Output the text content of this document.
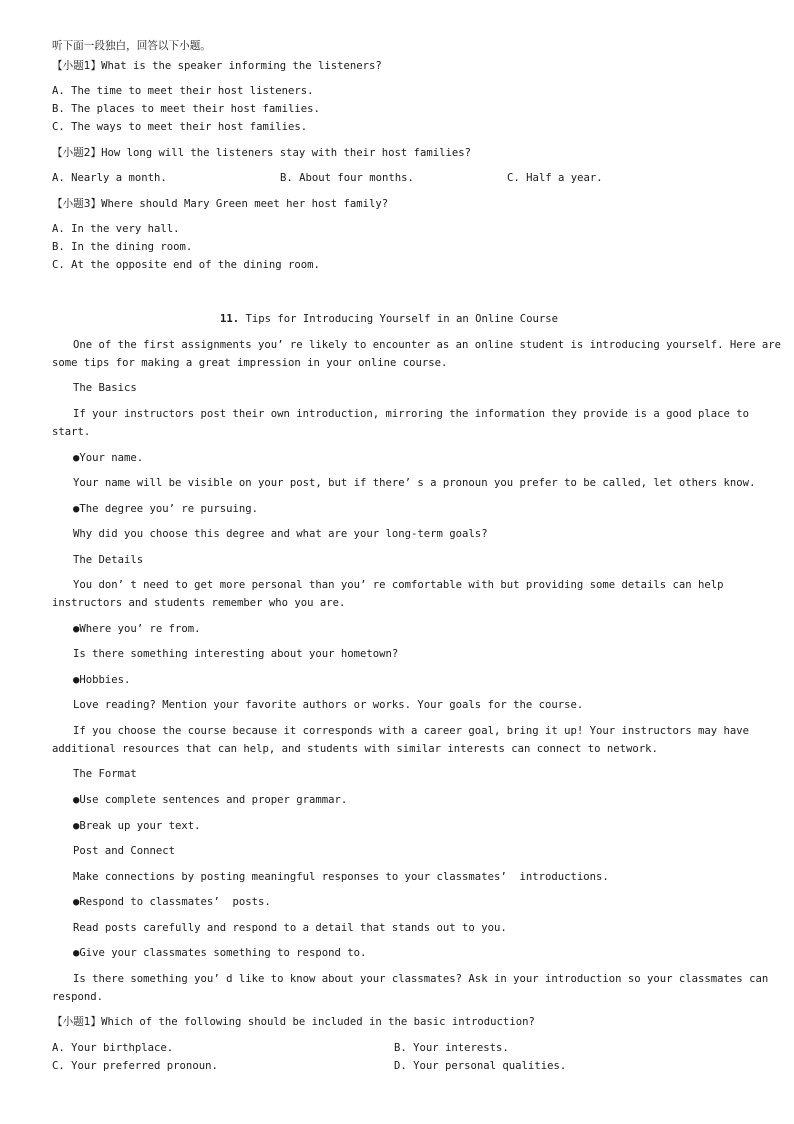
听下面一段独白，回答以下小题。
【小题1】What is the speaker informing the listeners?
A. The time to meet their host listeners.
B. The places to meet their host families.
C. The ways to meet their host families.
【小题2】How long will the listeners stay with their host families?
A. Nearly a month.	B. About four months.	C. Half a year.
【小题3】Where should Mary Green meet her host family?
A. In the very hall.
B. In the dining room.
C. At the opposite end of the dining room.
11. Tips for Introducing Yourself in an Online Course
One of the first assignments you’ re likely to encounter as an online student is introducing yourself. Here are
some tips for making a great impression in your online course.
The Basics
If your instructors post their own introduction, mirroring the information they provide is a good place to
start.
●Your name.
Your name will be visible on your post, but if there’ s a pronoun you prefer to be called, let others know.
●The degree you’ re pursuing.
Why did you choose this degree and what are your long-term goals?
The Details
You don’ t need to get more personal than you’ re comfortable with but providing some details can help
instructors and students remember who you are.
●Where you’ re from.
Is there something interesting about your hometown?
●Hobbies.
Love reading? Mention your favorite authors or works. Your goals for the course.
If you choose the course because it corresponds with a career goal, bring it up! Your instructors may have
additional resources that can help, and students with similar interests can connect to network.
The Format
●Use complete sentences and proper grammar.
●Break up your text.
Post and Connect
Make connections by posting meaningful responses to your classmates’  introductions.
●Respond to classmates’  posts.
Read posts carefully and respond to a detail that stands out to you.
●Give your classmates something to respond to.
Is there something you’ d like to know about your classmates? Ask in your introduction so your classmates can
respond.
【小题1】Which of the following should be included in the basic introduction?
A. Your birthplace.	B. Your interests.
C. Your preferred pronoun.	D. Your personal qualities.
